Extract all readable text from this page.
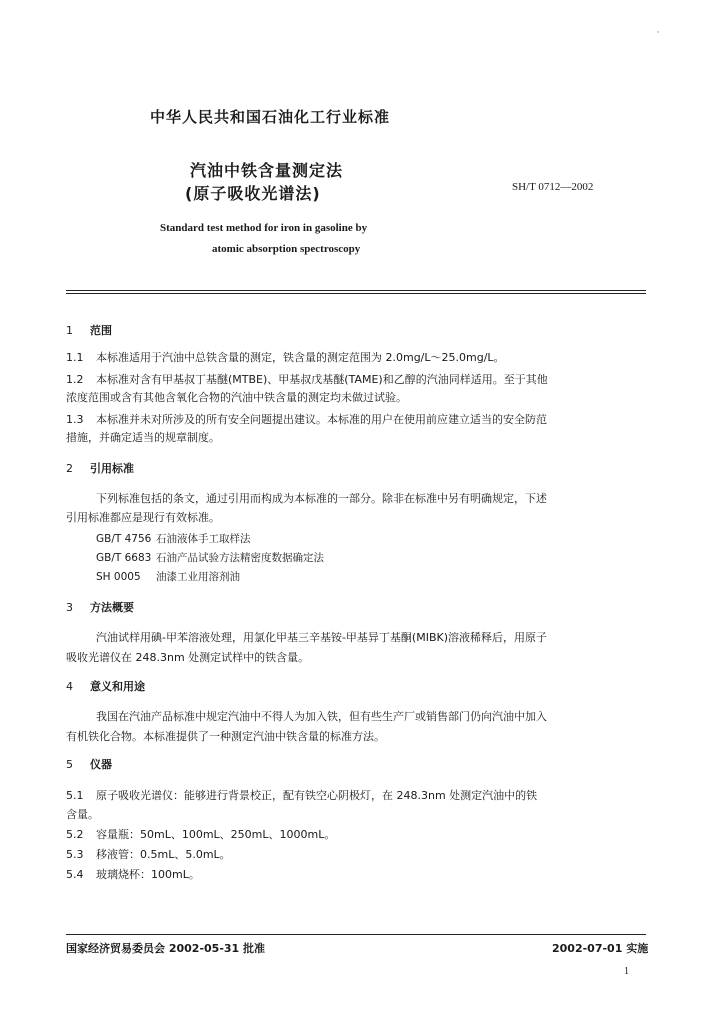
'
中华人民共和国石油化工行业标准
汽油中铁含量测定法
(原子吸收光谱法)	SH/T 0712—2002
Standard test method for iron in gasoline by
atomic absorption spectroscopy
1 范围
1.1 本标准适用于汽油中总铁含量的测定，铁含量的测定范围为 2.0mg/L～25.0mg/L。
1.2 本标准对含有甲基叔丁基醚(MTBE)、甲基叔戊基醚(TAME)和乙醇的汽油同样适用。至于其他
浓度范围或含有其他含氧化合物的汽油中铁含量的测定均未做过试验。
1.3 本标准并未对所涉及的所有安全问题提出建议。本标准的用户在使用前应建立适当的安全防范
措施，并确定适当的规章制度。
2 引用标准
下列标准包括的条文，通过引用而构成为本标准的一部分。除非在标准中另有明确规定，下述
引用标准都应是现行有效标准。
GB/T 4756 石油液体手工取样法
GB/T 6683 石油产品试验方法精密度数据确定法
SH 0005 油漆工业用溶剂油
3 方法概要
汽油试样用碘-甲苯溶液处理，用氯化甲基三辛基铵-甲基异丁基酮(MIBK)溶液稀释后，用原子
吸收光谱仪在 248.3nm 处测定试样中的铁含量。
4 意义和用途
我国在汽油产品标准中规定汽油中不得人为加入铁，但有些生产厂或销售部门仍向汽油中加入
有机铁化合物。本标准提供了一种测定汽油中铁含量的标准方法。
5 仪器
5.1 原子吸收光谱仪：能够进行背景校正，配有铁空心阴极灯，在 248.3nm 处测定汽油中的铁
含量。
5.2 容量瓶：50mL、100mL、250mL、1000mL。
5.3 移液管：0.5mL、5.0mL。
5.4 玻璃烧杯：100mL。
国家经济贸易委员会 2002-05-31 批准	2002-07-01 实施
1
